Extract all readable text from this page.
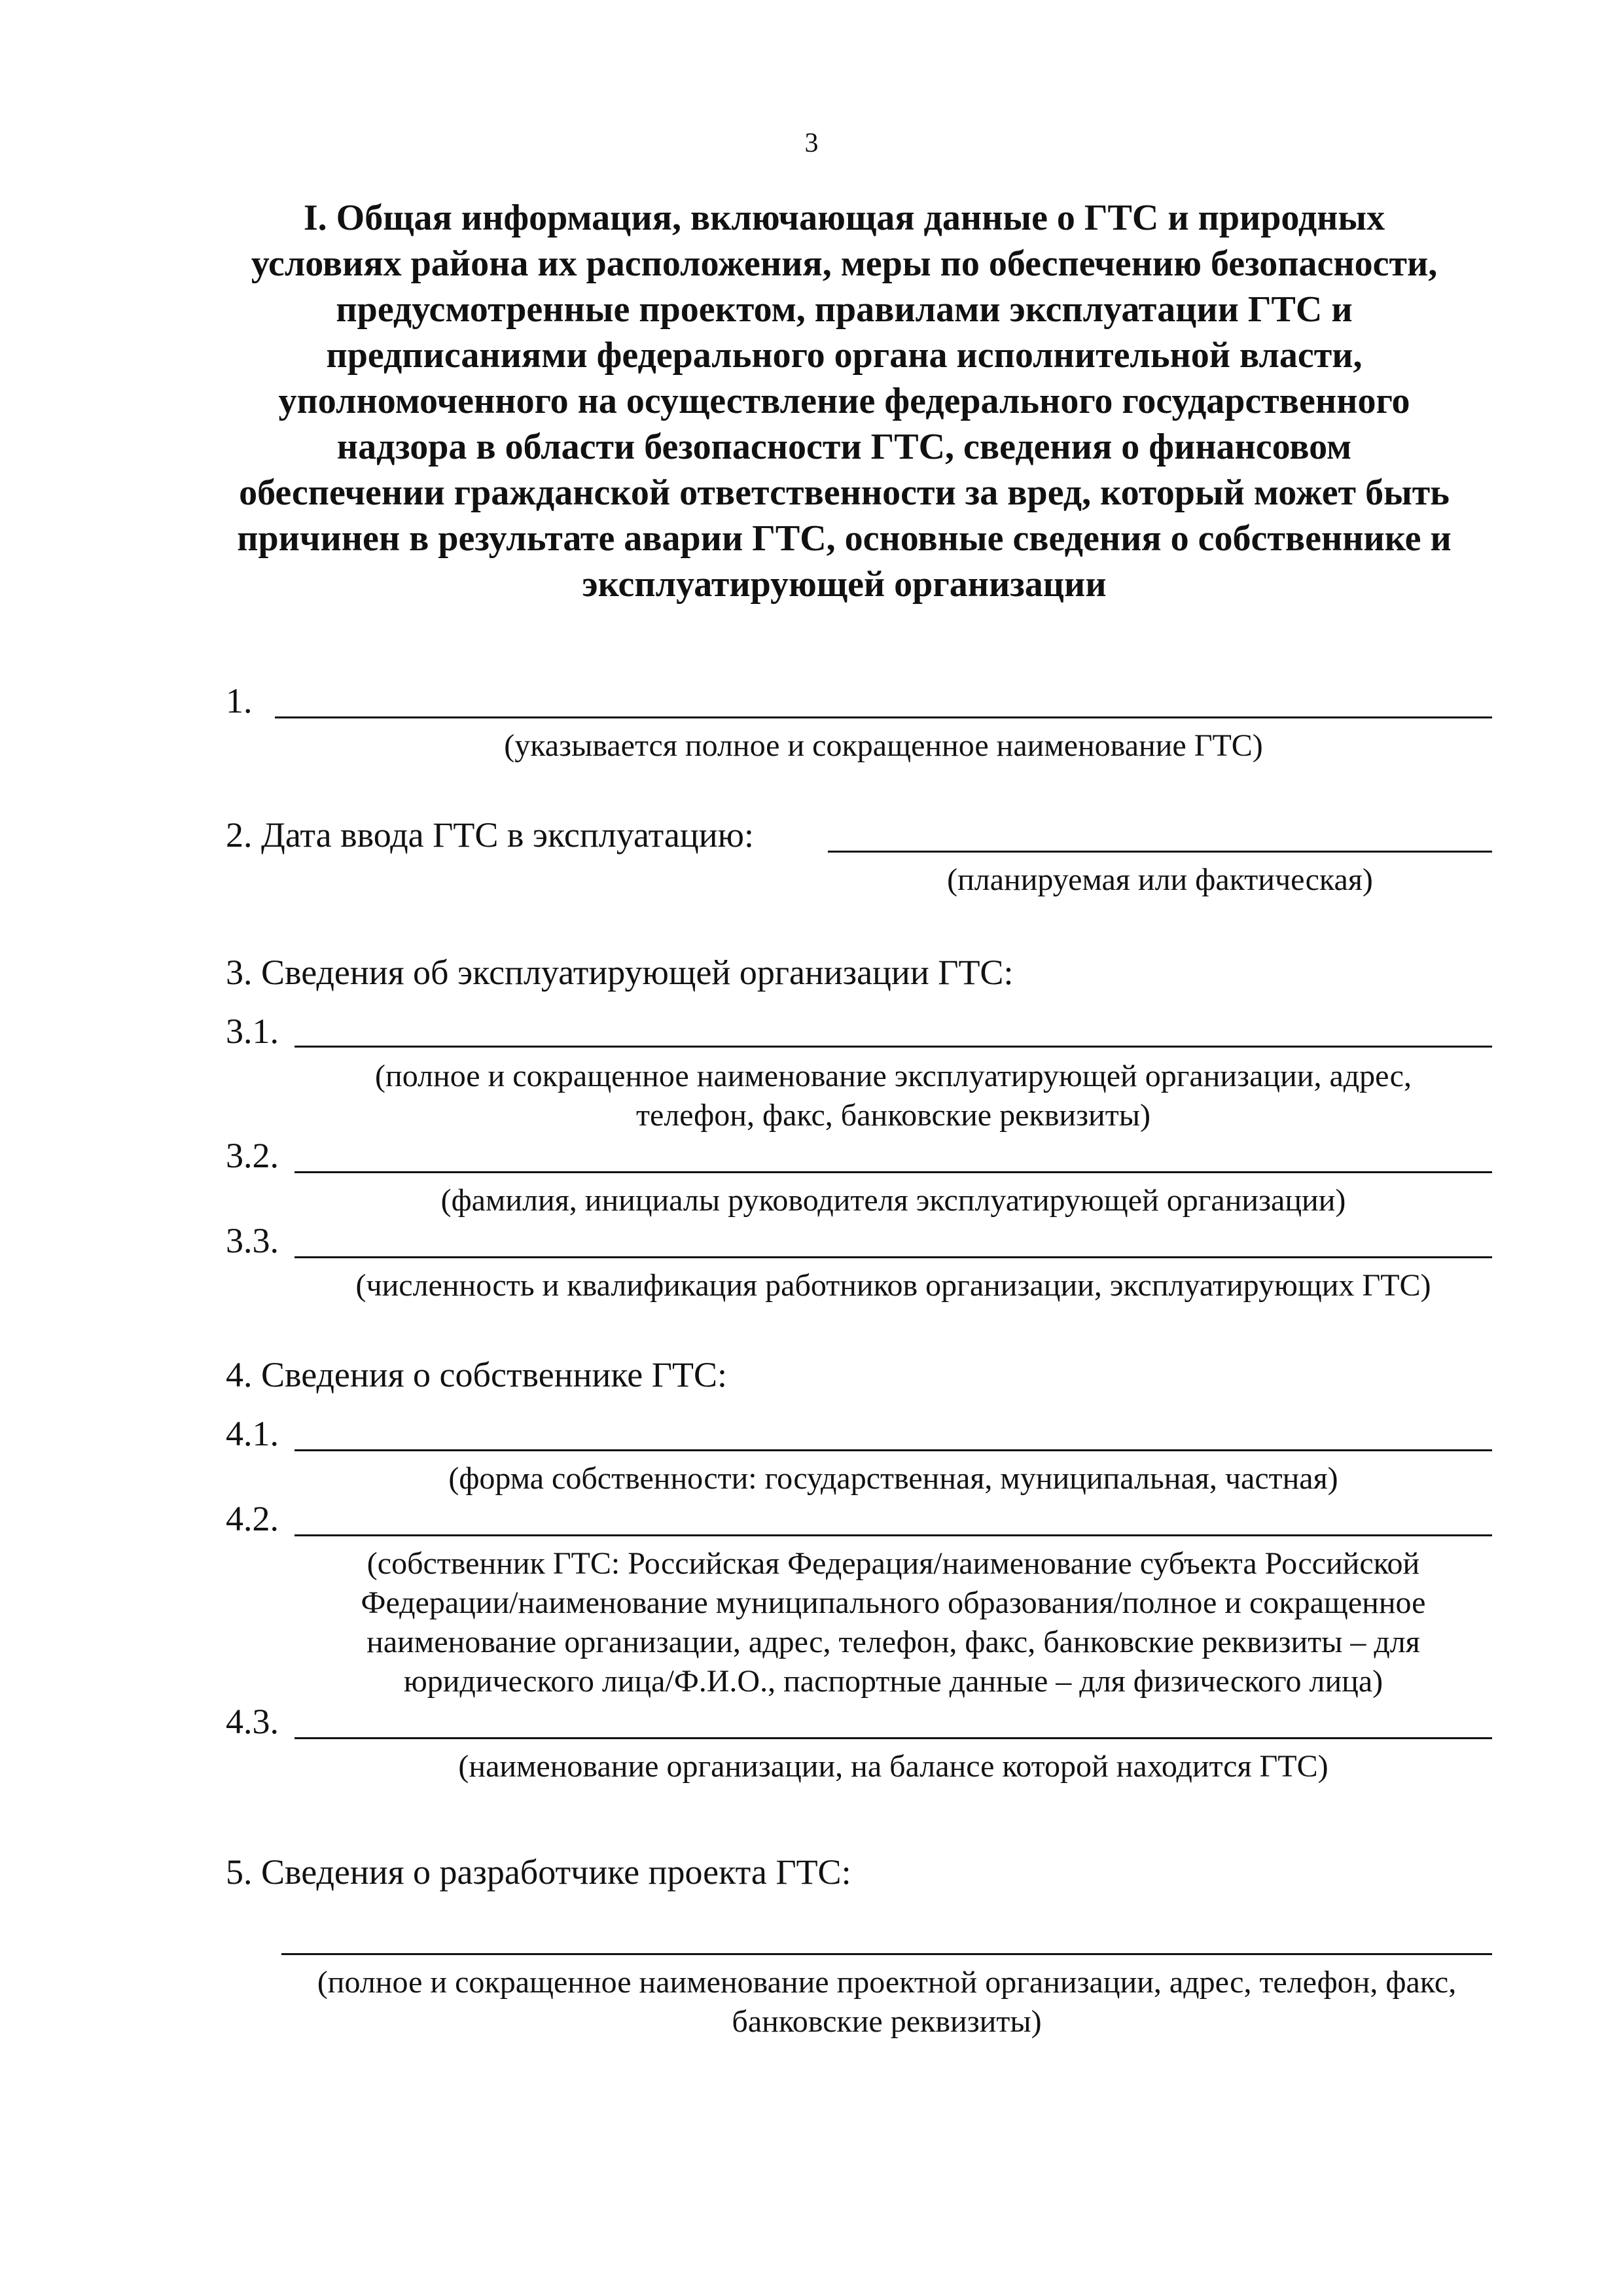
3
I. Общая информация, включающая данные о ГТС и природных
условиях района их расположения, меры по обеспечению безопасности,
предусмотренные проектом, правилами эксплуатации ГТС и
предписаниями федерального органа исполнительной власти,
уполномоченного на осуществление федерального государственного
надзора в области безопасности ГТС, сведения о финансовом
обеспечении гражданской ответственности за вред, который может быть
причинен в результате аварии ГТС, основные сведения о собственнике и
эксплуатирующей организации
1.
(указывается полное и сокращенное наименование ГТС)
2. Дата ввода ГТС в эксплуатацию:
(планируемая или фактическая)
3. Сведения об эксплуатирующей организации ГТС:
3.1.
(полное и сокращенное наименование эксплуатирующей организации, адрес,
телефон, факс, банковские реквизиты)
3.2.
(фамилия, инициалы руководителя эксплуатирующей организации)
3.3.
(численность и квалификация работников организации, эксплуатирующих ГТС)
4. Сведения о собственнике ГТС:
4.1.
(форма собственности: государственная, муниципальная, частная)
4.2.
(собственник ГТС: Российская Федерация/наименование субъекта Российской
Федерации/наименование муниципального образования/полное и сокращенное
наименование организации, адрес, телефон, факс, банковские реквизиты – для
юридического лица/Ф.И.О., паспортные данные – для физического лица)
4.3.
(наименование организации, на балансе которой находится ГТС)
5. Сведения о разработчике проекта ГТС:
(полное и сокращенное наименование проектной организации, адрес, телефон, факс,
банковские реквизиты)
